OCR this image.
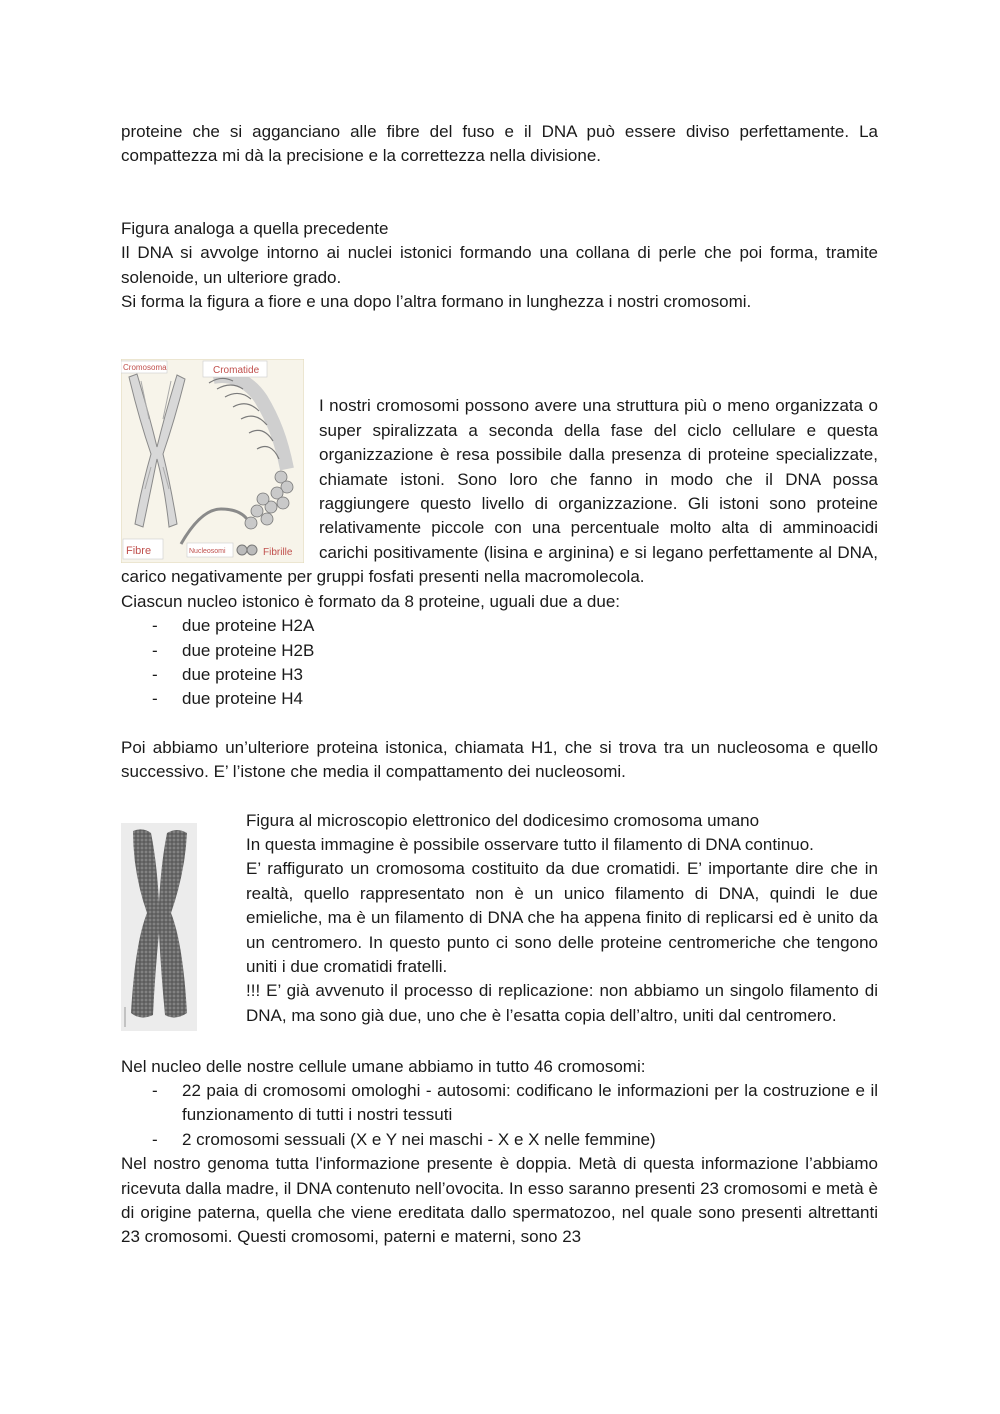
proteine che si agganciano alle fibre del fuso e il DNA può essere diviso perfettamente. La compattezza mi dà la precisione e la correttezza nella divisione.

Figura analoga a quella precedente

Il DNA si avvolge intorno ai nuclei istonici formando una collana di perle che poi forma, tramite solenoide, un ulteriore grado.

Si forma la figura a fiore e una dopo l’altra formano in lunghezza i nostri cromosomi.

Cromosoma	Cromatide
Fibre	Nucleosomi	Fibrille

I nostri cromosomi possono avere una struttura più o meno organizzata o super spiralizzata a seconda della fase del ciclo cellulare e questa organizzazione è resa possibile dalla presenza di proteine specializzate, chiamate istoni. Sono loro che fanno in modo che il DNA possa raggiungere questo livello di organizzazione. Gli istoni sono proteine relativamente piccole con una percentuale molto alta di amminoacidi carichi positivamente (lisina e arginina) e si legano perfettamente al DNA, carico negativamente per gruppi fosfati presenti nella macromolecola.

Ciascun nucleo istonico è formato da 8 proteine, uguali due a due:

- due proteine H2A
- due proteine H2B
- due proteine H3
- due proteine H4

Poi abbiamo un’ulteriore proteina istonica, chiamata H1, che si trova tra un nucleosoma e quello successivo. E’ l’istone che media il compattamento dei nucleosomi.

Figura al microscopio elettronico del dodicesimo cromosoma umano

In questa immagine è possibile osservare tutto il filamento di DNA continuo.

E’ raffigurato un cromosoma costituito da due cromatidi. E’ importante dire che in realtà, quello rappresentato non è un unico filamento di DNA, quindi le due emieliche, ma è un filamento di DNA che ha appena finito di replicarsi ed è unito da un centromero. In questo punto ci sono delle proteine centromeriche che tengono uniti i due cromatidi fratelli.

!!! E’ già avvenuto il processo di replicazione: non abbiamo un singolo filamento di DNA, ma sono già due, uno che è l’esatta copia dell’altro, uniti dal centromero.

Nel nucleo delle nostre cellule umane abbiamo in tutto 46 cromosomi:

- 22 paia di cromosomi omologhi - autosomi: codificano le informazioni per la costruzione e il funzionamento di tutti i nostri tessuti
- 2 cromosomi sessuali (X e Y nei maschi - X e X nelle femmine)

Nel nostro genoma tutta l'informazione presente è doppia. Metà di questa informazione l’abbiamo ricevuta dalla madre, il DNA contenuto nell’ovocita. In esso saranno presenti 23 cromosomi e metà è di origine paterna, quella che viene ereditata dallo spermatozoo, nel quale sono presenti altrettanti 23 cromosomi. Questi cromosomi, paterni e materni, sono 23
